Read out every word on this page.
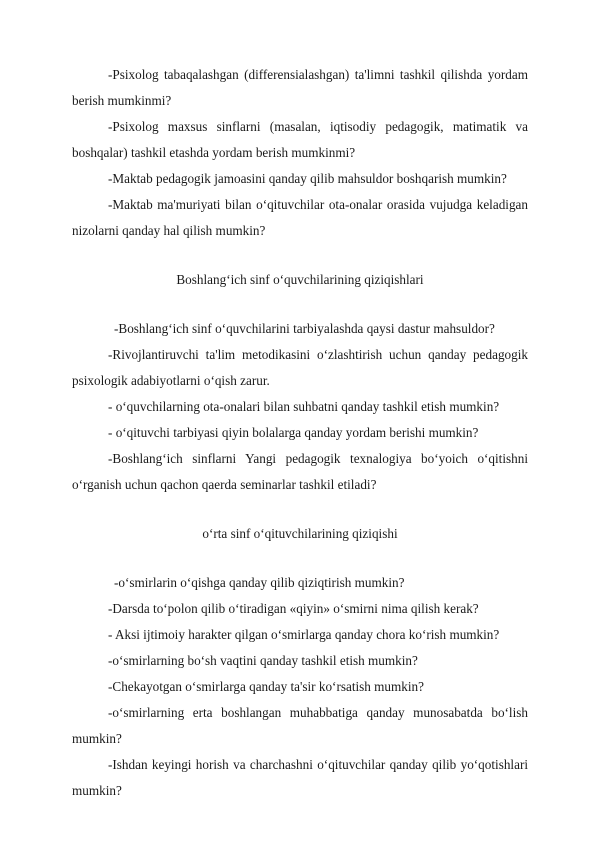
-Psixolog tabaqalashgan (differensialashgan) ta'limni tashkil qilishda yordam berish mumkinmi?

-Psixolog maxsus sinflarni (masalan, iqtisodiy pedagogik, matimatik va boshqalar) tashkil etashda yordam berish mumkinmi?

-Maktab pedagogik jamoasini qanday qilib mahsuldor boshqarish mumkin?

-Maktab ma'muriyati bilan o‘qituvchilar ota-onalar orasida vujudga keladigan nizolarni qanday hal qilish mumkin?

Boshlang‘ich sinf o‘quvchilarining qiziqishlari

-Boshlang‘ich sinf o‘quvchilarini tarbiyalashda qaysi dastur mahsuldor?

-Rivojlantiruvchi ta'lim metodikasini o‘zlashtirish uchun qanday pedagogik psixologik adabiyotlarni o‘qish zarur.

- o‘quvchilarning ota-onalari bilan suhbatni qanday tashkil etish mumkin?

- o‘qituvchi tarbiyasi qiyin bolalarga qanday yordam berishi mumkin?

-Boshlang‘ich sinflarni Yangi pedagogik texnalogiya bo‘yoich o‘qitishni o‘rganish uchun qachon qaerda seminarlar tashkil etiladi?

o‘rta sinf o‘qituvchilarining qiziqishi

-o‘smirlarin o‘qishga qanday qilib qiziqtirish mumkin?

-Darsda to‘polon qilib o‘tiradigan «qiyin» o‘smirni nima qilish kerak?

- Aksi ijtimoiy harakter qilgan o‘smirlarga qanday chora ko‘rish mumkin?

-o‘smirlarning bo‘sh vaqtini qanday tashkil etish mumkin?

-Chekayotgan o‘smirlarga qanday ta'sir ko‘rsatish mumkin?

-o‘smirlarning erta boshlangan muhabbatiga qanday munosabatda bo‘lish mumkin?

-Ishdan keyingi horish va charchashni o‘qituvchilar qanday qilib yo‘qotishlari mumkin?
